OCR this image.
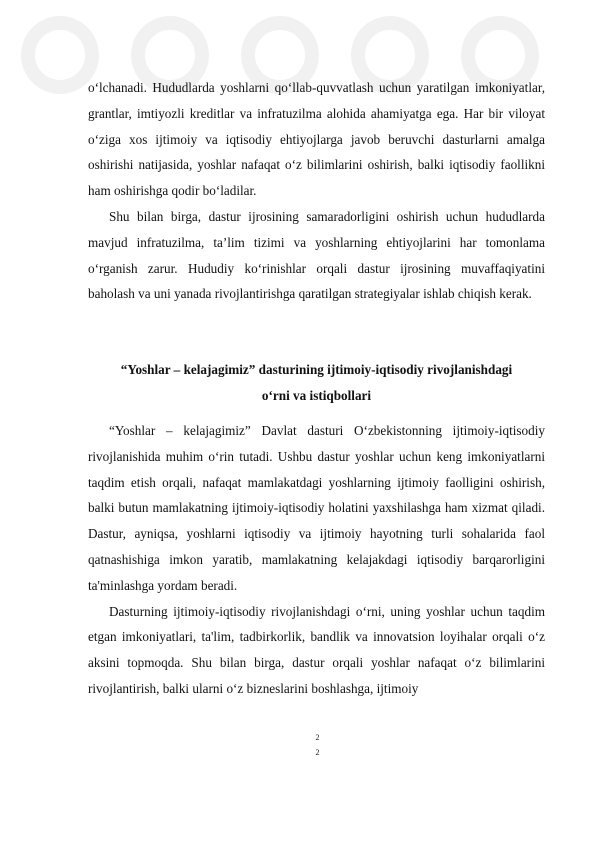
o‘lchanadi. Hududlarda yoshlarni qo‘llab-quvvatlash uchun yaratilgan imkoniyatlar, grantlar, imtiyozli kreditlar va infratuzilma alohida ahamiyatga ega. Har bir viloyat o‘ziga xos ijtimoiy va iqtisodiy ehtiyojlarga javob beruvchi dasturlarni amalga oshirishi natijasida, yoshlar nafaqat o‘z bilimlarini oshirish, balki iqtisodiy faollikni ham oshirishga qodir bo‘ladilar.

Shu bilan birga, dastur ijrosining samaradorligini oshirish uchun hududlarda mavjud infratuzilma, ta’lim tizimi va yoshlarning ehtiyojlarini har tomonlama o‘rganish zarur. Hududiy ko‘rinishlar orqali dastur ijrosining muvaffaqiyatini baholash va uni yanada rivojlantirishga qaratilgan strategiyalar ishlab chiqish kerak.

“Yoshlar – kelajagimiz” dasturining ijtimoiy-iqtisodiy rivojlanishdagi
o‘rni va istiqbollari

“Yoshlar – kelajagimiz” Davlat dasturi O‘zbekistonning ijtimoiy-iqtisodiy rivojlanishida muhim o‘rin tutadi. Ushbu dastur yoshlar uchun keng imkoniyatlarni taqdim etish orqali, nafaqat mamlakatdagi yoshlarning ijtimoiy faolligini oshirish, balki butun mamlakatning ijtimoiy-iqtisodiy holatini yaxshilashga ham xizmat qiladi. Dastur, ayniqsa, yoshlarni iqtisodiy va ijtimoiy hayotning turli sohalarida faol qatnashishiga imkon yaratib, mamlakatning kelajakdagi iqtisodiy barqarorligini ta'minlashga yordam beradi.

Dasturning ijtimoiy-iqtisodiy rivojlanishdagi o‘rni, uning yoshlar uchun taqdim etgan imkoniyatlari, ta'lim, tadbirkorlik, bandlik va innovatsion loyihalar orqali o‘z aksini topmoqda. Shu bilan birga, dastur orqali yoshlar nafaqat o‘z bilimlarini rivojlantirish, balki ularni o‘z bizneslarini boshlashga, ijtimoiy

2
2
